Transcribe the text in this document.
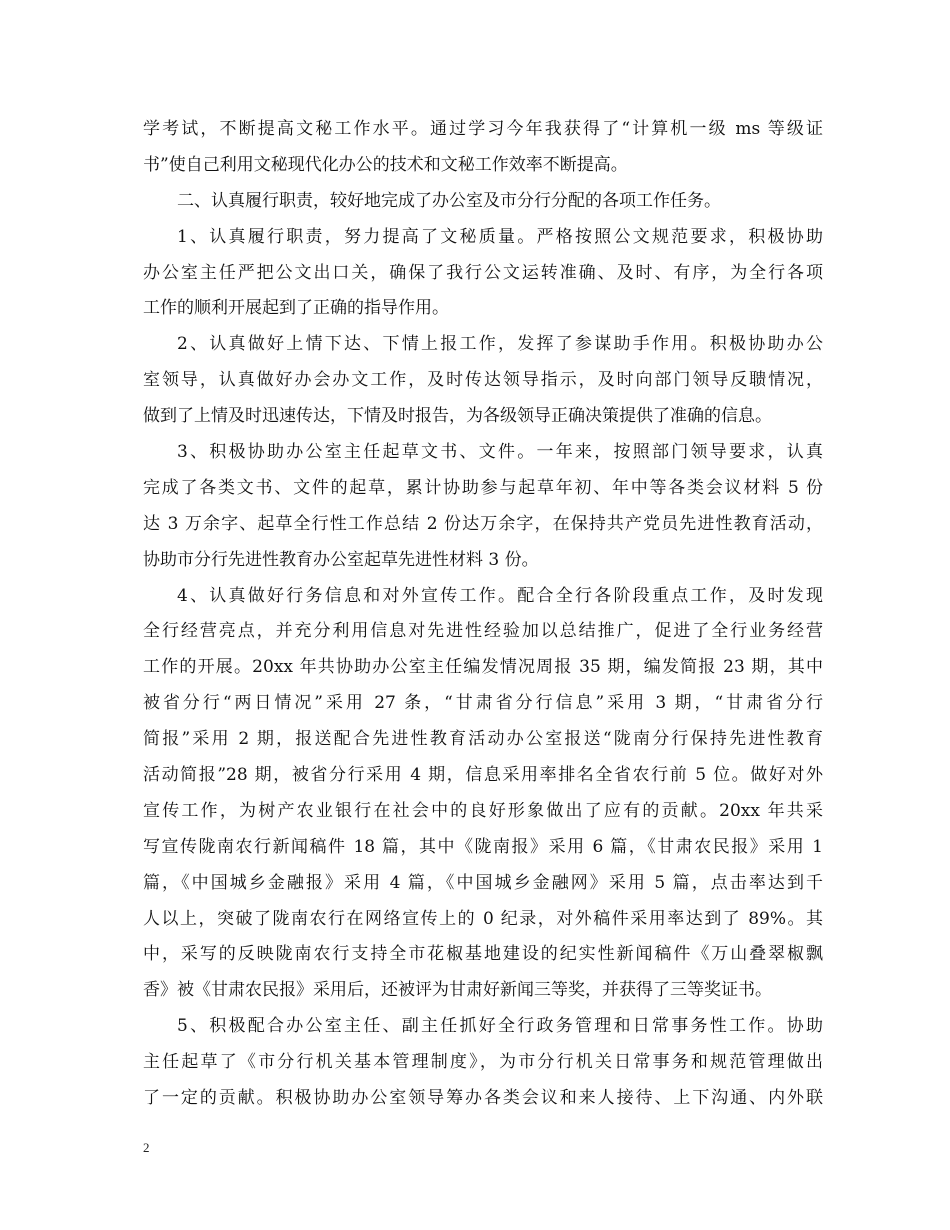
学考试，不断提高文秘工作水平。通过学习今年我获得了“计算机一级 ms 等级证
书”使自己利用文秘现代化办公的技术和文秘工作效率不断提高。
二、认真履行职责，较好地完成了办公室及市分行分配的各项工作任务。
1、认真履行职责，努力提高了文秘质量。严格按照公文规范要求，积极协助
办公室主任严把公文出口关，确保了我行公文运转准确、及时、有序，为全行各项
工作的顺利开展起到了正确的指导作用。
2、认真做好上情下达、下情上报工作，发挥了参谋助手作用。积极协助办公
室领导，认真做好办会办文工作，及时传达领导指示，及时向部门领导反聩情况，
做到了上情及时迅速传达，下情及时报告，为各级领导正确决策提供了准确的信息。
3、积极协助办公室主任起草文书、文件。一年来，按照部门领导要求，认真
完成了各类文书、文件的起草，累计协助参与起草年初、年中等各类会议材料 5 份
达 3 万余字、起草全行性工作总结 2 份达万余字，在保持共产党员先进性教育活动，
协助市分行先进性教育办公室起草先进性材料 3 份。
4、认真做好行务信息和对外宣传工作。配合全行各阶段重点工作，及时发现
全行经营亮点，并充分利用信息对先进性经验加以总结推广，促进了全行业务经营
工作的开展。20xx 年共协助办公室主任编发情况周报 35 期，编发简报 23 期，其中
被省分行“两日情况”采用 27 条，“甘肃省分行信息”采用 3 期，“甘肃省分行
简报”采用 2 期，报送配合先进性教育活动办公室报送“陇南分行保持先进性教育
活动简报”28 期，被省分行采用 4 期，信息采用率排名全省农行前 5 位。做好对外
宣传工作，为树产农业银行在社会中的良好形象做出了应有的贡献。20xx 年共采
写宣传陇南农行新闻稿件 18 篇，其中《陇南报》采用 6 篇，《甘肃农民报》采用 1
篇，《中国城乡金融报》采用 4 篇，《中国城乡金融网》采用 5 篇，点击率达到千
人以上，突破了陇南农行在网络宣传上的 0 纪录，对外稿件采用率达到了 89%。其
中，采写的反映陇南农行支持全市花椒基地建设的纪实性新闻稿件《万山叠翠椒飘
香》被《甘肃农民报》采用后，还被评为甘肃好新闻三等奖，并获得了三等奖证书。
5、积极配合办公室主任、副主任抓好全行政务管理和日常事务性工作。协助
主任起草了《市分行机关基本管理制度》，为市分行机关日常事务和规范管理做出
了一定的贡献。积极协助办公室领导筹办各类会议和来人接待、上下沟通、内外联
2
